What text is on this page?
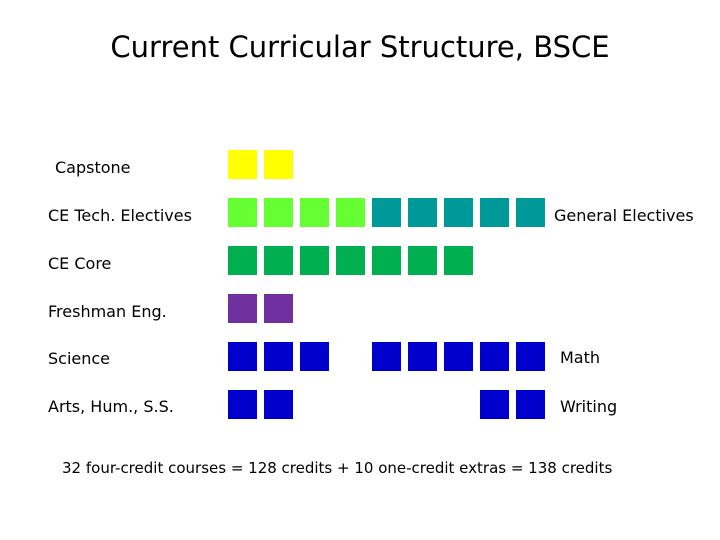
Current Curricular Structure, BSCE
Capstone
CE Tech. Electives
CE Core
Freshman Eng.
Science
Arts, Hum., S.S.
General Electives
Math
Writing
32 four-credit courses = 128 credits + 10 one-credit extras = 138 credits
